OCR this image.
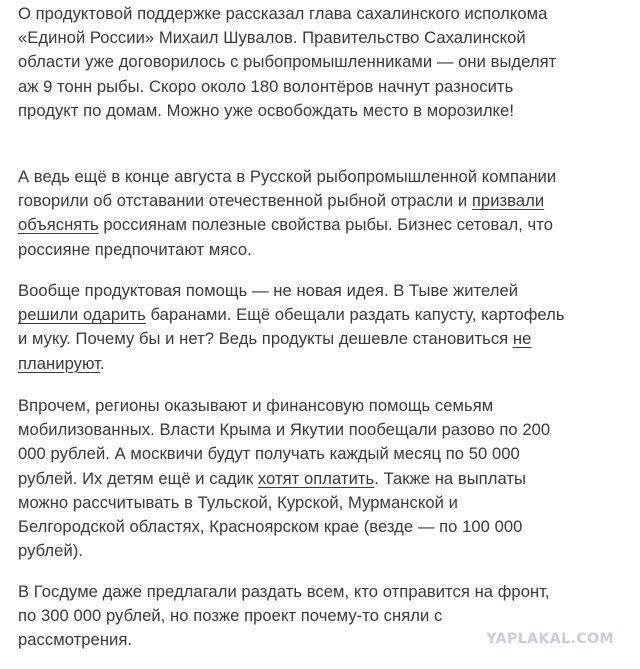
О продуктовой поддержке рассказал глава сахалинского исполкома
«Единой России» Михаил Шувалов. Правительство Сахалинской
области уже договорилось с рыбопромышленниками — они выделят
аж 9 тонн рыбы. Скоро около 180 волонтёров начнут разносить
продукт по домам. Можно уже освобождать место в морозилке!

А ведь ещё в конце августа в Русской рыбопромышленной компании
говорили об отставании отечественной рыбной отрасли и призвали
объяснять россиянам полезные свойства рыбы. Бизнес сетовал, что
россияне предпочитают мясо.

Вообще продуктовая помощь — не новая идея. В Тыве жителей
решили одарить баранами. Ещё обещали раздать капусту, картофель
и муку. Почему бы и нет? Ведь продукты дешевле становиться не
планируют.

Впрочем, регионы оказывают и финансовую помощь семьям
мобилизованных. Власти Крыма и Якутии пообещали разово по 200
000 рублей. А москвичи будут получать каждый месяц по 50 000
рублей. Их детям ещё и садик хотят оплатить. Также на выплаты
можно рассчитывать в Тульской, Курской, Мурманской и
Белгородской областях, Красноярском крае (везде — по 100 000
рублей).

В Госдуме даже предлагали раздать всем, кто отправится на фронт,
по 300 000 рублей, но позже проект почему-то сняли с
рассмотрения.	YAPLAKAL.COM
